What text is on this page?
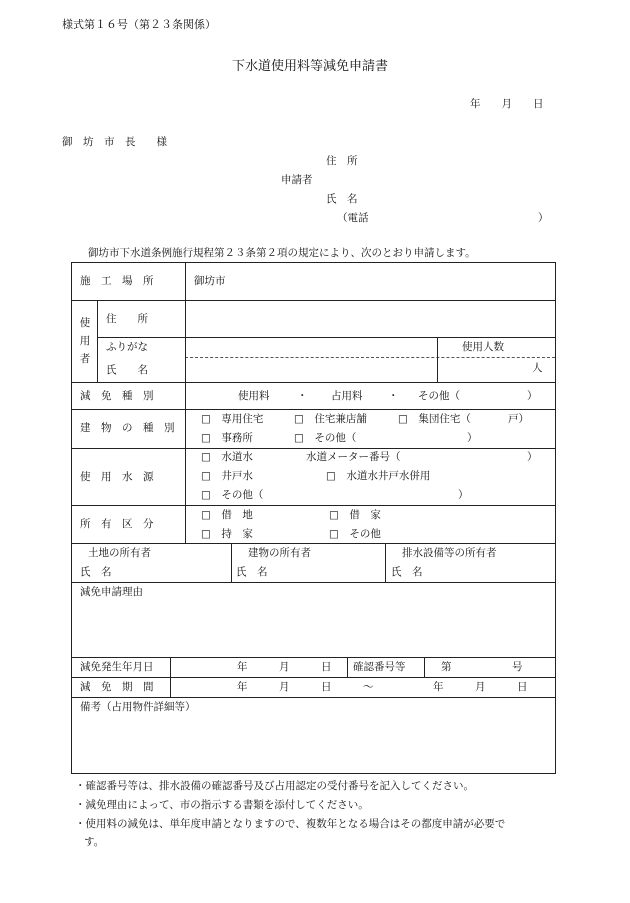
様式第１６号（第２３条関係）
下水道使用料等減免申請書
年　　月　　日
御　坊　市　長　　様
住　所
申請者
氏　名
（電話	）
御坊市下水道条例施行規程第２３条第２項の規定により、次のとおり申請します。
施　工　場　所	御坊市
使用者
住　　所
ふりがな	使用人数
氏　　名	人
減　免　種　別	使用料	・ 占用料 ・ その他（	）
建　物　の　種　別
□ 　専用住宅 □ 　	住宅兼店舗 □ 　	集団住宅（	戸）
□ 　事務所 □ 　	その他（	）
使　用　水　源
□ 　水道水	水道メーター番号（	）
□ 　井戸水 □ 　	水道水井戸水併用
□ 　その他（	）
所　有　区　分
□ 　借　地 □ 　	借　家
□ 　持　家 □ 　	その他
土地の所有者
氏　名
建物の所有者
氏　名
排水設備等の所有者
氏　名
減免申請理由
減免発生年月日	年　　　月　　　日 確認番号等	第	号
減　免　期　間	年　　　月　　　日	～	年　　　月　　　日
備考（占用物件詳細等）
・確認番号等は、排水設備の確認番号及び占用認定の受付番号を記入してください。
・減免理由によって、市の指示する書類を添付してください。
・使用料の減免は、単年度申請となりますので、複数年となる場合はその都度申請が必要で
す。
